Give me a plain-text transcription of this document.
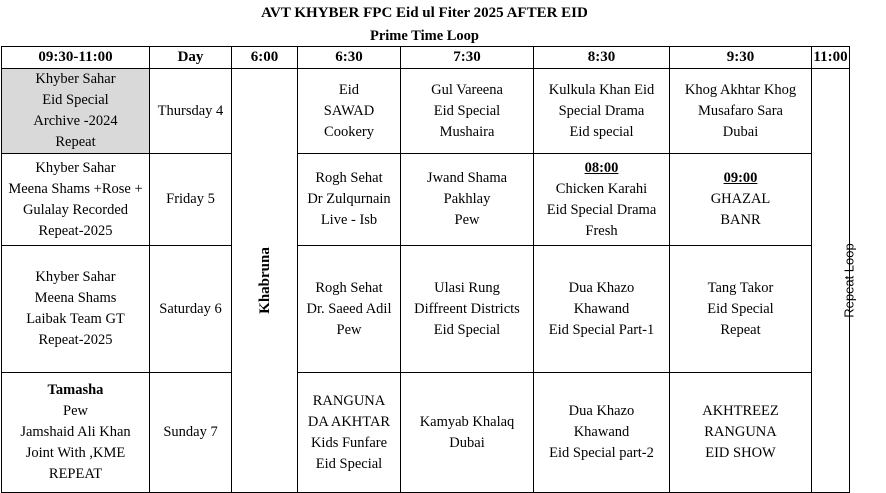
AVT KHYBER FPC Eid ul Fiter 2025 AFTER EID
Prime Time Loop
09:30-11:00	Day	6:00	6:30	7:30	8:30	9:30	11:00

Khyber Sahar
Eid Special
Archive -2024
Repeat	Thursday 4	Khabruna	Eid
SAWAD
Cookery	Gul Vareena
Eid Special
Mushaira	Kulkula Khan Eid
Special Drama
Eid special	Khog Akhtar Khog
Musafaro Sara
Dubai	Repeat Loop

Khyber Sahar
Meena Shams +Rose +
Gulalay Recorded
Repeat-2025	Friday 5		Rogh Sehat
Dr Zulqurnain
Live - Isb	Jwand Shama
Pakhlay
Pew	08:00
Chicken Karahi
Eid Special Drama
Fresh	09:00
GHAZAL
BANR	

Khyber Sahar
Meena Shams
Laibak Team GT
Repeat-2025	Saturday 6		Rogh Sehat
Dr. Saeed Adil
Pew	Ulasi Rung
Diffreent Districts
Eid Special	Dua Khazo
Khawand
Eid Special Part-1	Tang Takor
Eid Special
Repeat	

Tamasha
Pew
Jamshaid Ali Khan
Joint With ,KME
REPEAT	Sunday 7		RANGUNA
DA AKHTAR
Kids Funfare
Eid Special	Kamyab Khalaq
Dubai	Dua Khazo
Khawand
Eid Special part-2	AKHTREEZ
RANGUNA
EID SHOW	
